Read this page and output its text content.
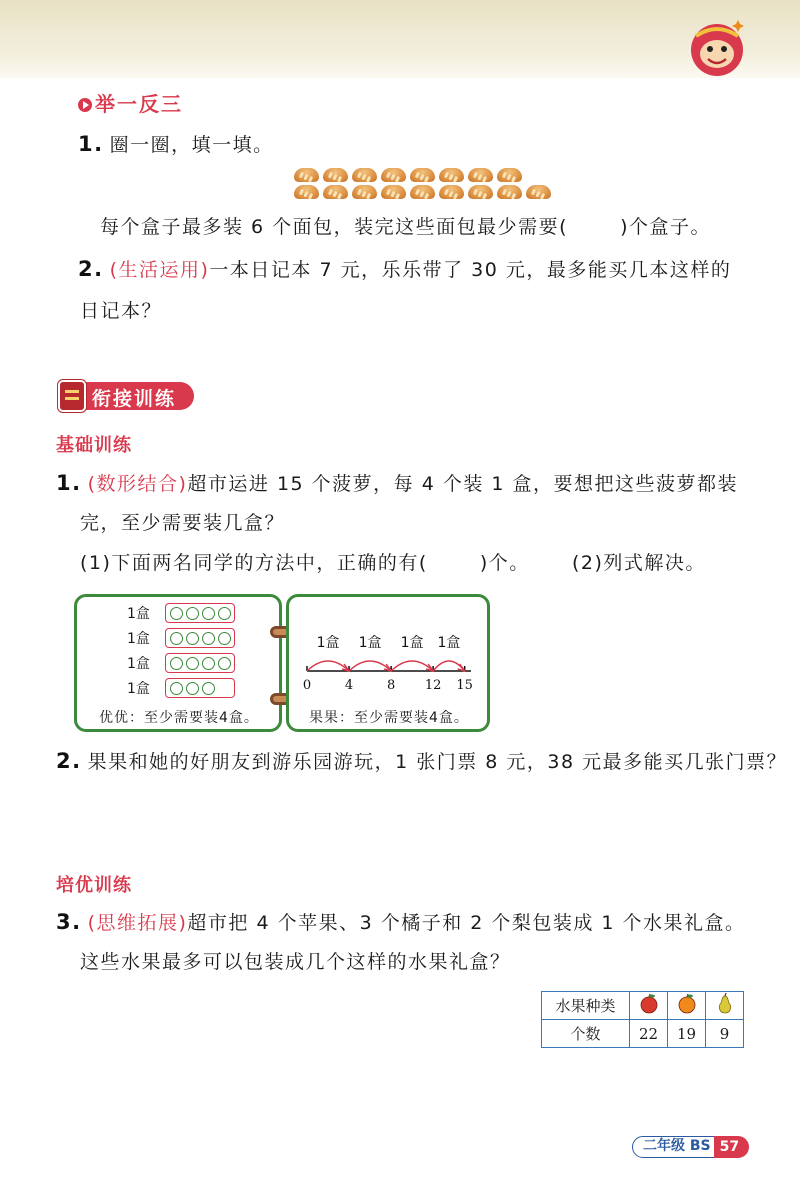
举一反三
1. 圈一圈，填一填。
每个盒子最多装 6 个面包，装完这些面包最少需要(	)个盒子。
2. (生活运用)一本日记本 7 元，乐乐带了 30 元，最多能买几本这样的
日记本？
衔接训练
基础训练
1. (数形结合)超市运进 15 个菠萝，每 4 个装 1 盒，要想把这些菠萝都装
完，至少需要装几盒？
(1)下面两名同学的方法中，正确的有(	)个。 (2)列式解决。
1盒
1盒
1盒
1盒
优优：至少需要装4盒。
0	4	8 12 15
1盒 1盒 1盒 1盒
果果：至少需要装4盒。
2. 果果和她的好朋友到游乐园游玩，1 张门票 8 元，38 元最多能买几张门票？
培优训练
3. (思维拓展)超市把 4 个苹果、3 个橘子和 2 个梨包装成 1 个水果礼盒。
这些水果最多可以包装成几个这样的水果礼盒？
水果种类			
个数	22	19	9
二年级 BS 57
